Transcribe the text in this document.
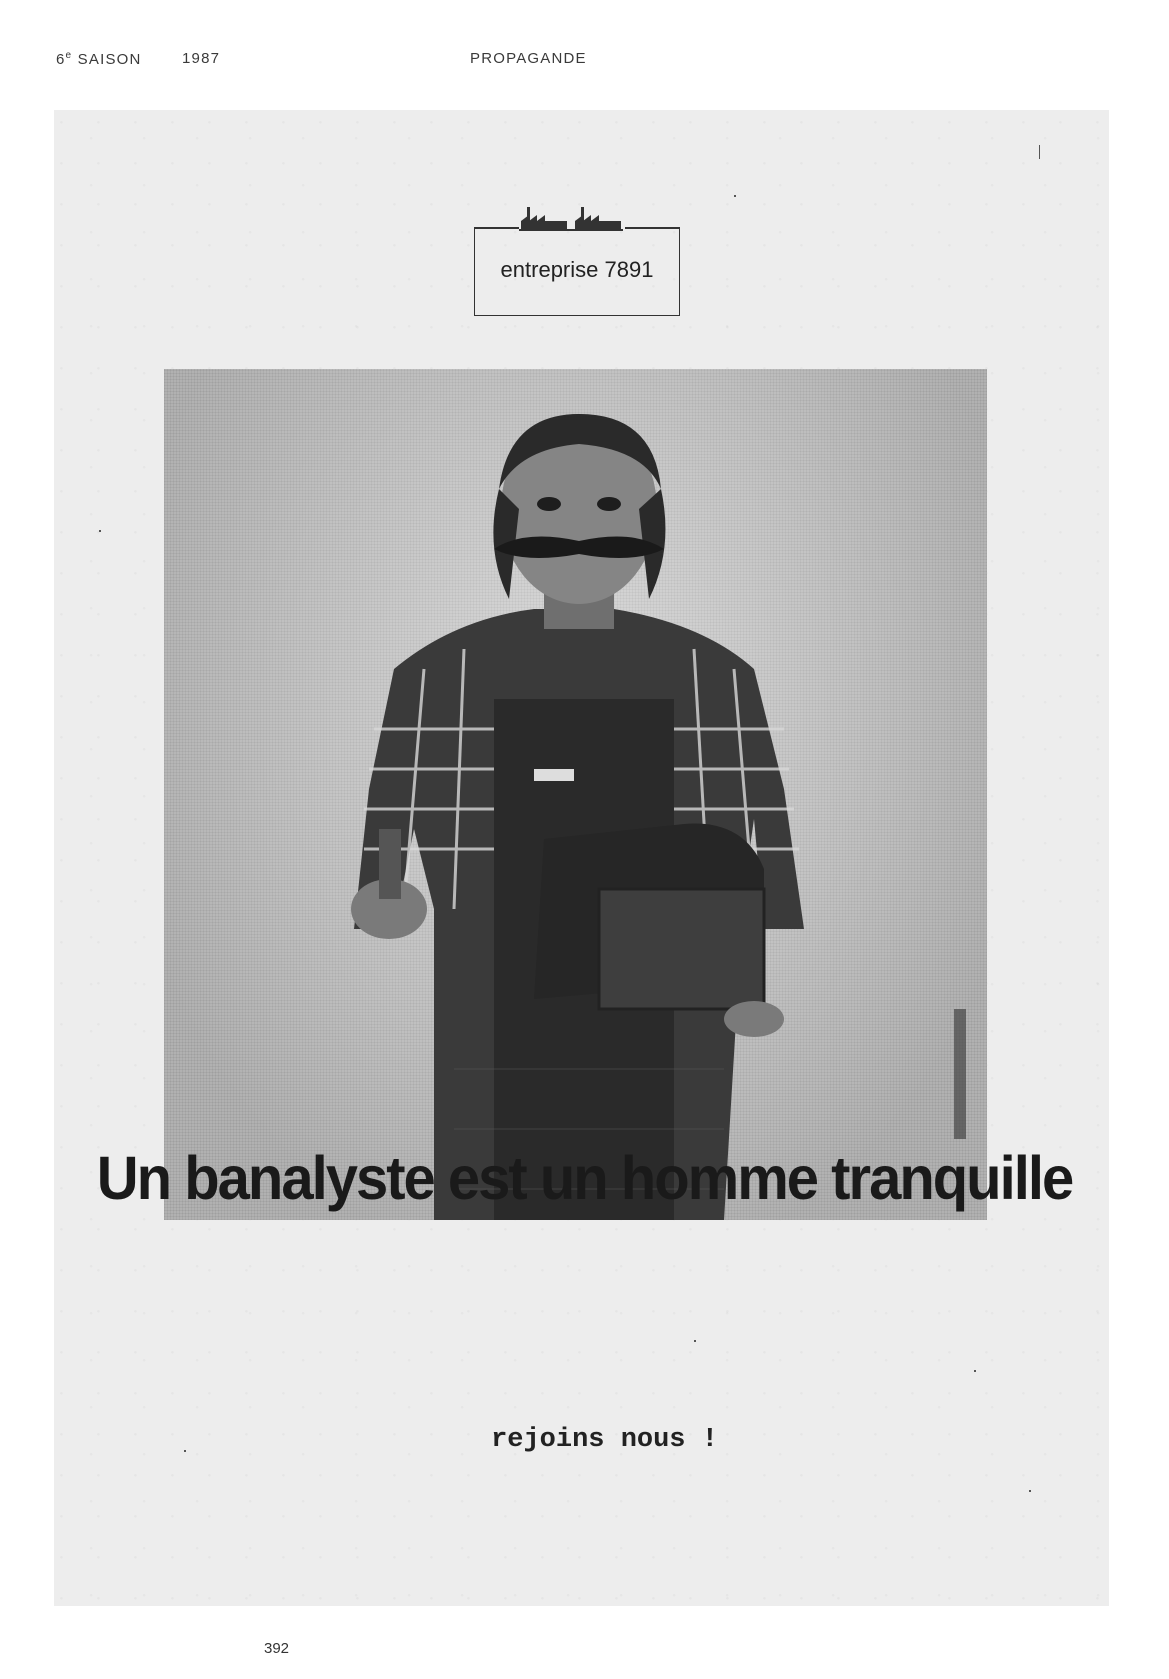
6e SAISON	1987	PROPAGANDE
entreprise 7891
Un banalyste est un homme tranquille
rejoins nous !
392
